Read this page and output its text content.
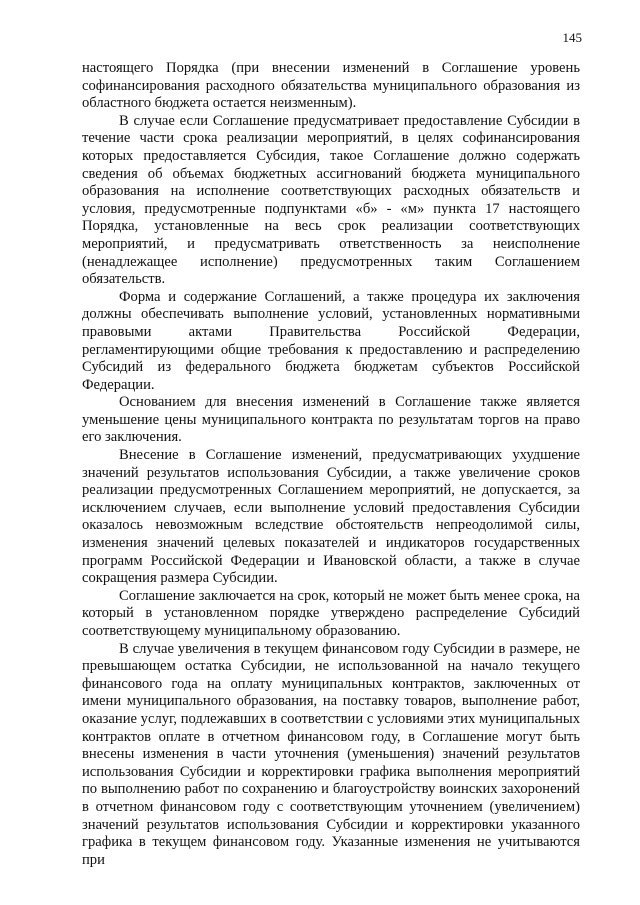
145

настоящего Порядка (при внесении изменений в Соглашение уровень софинансирования расходного обязательства муниципального образования из областного бюджета остается неизменным).

В случае если Соглашение предусматривает предоставление Субсидии в течение части срока реализации мероприятий, в целях софинансирования которых предоставляется Субсидия, такое Соглашение должно содержать сведения об объемах бюджетных ассигнований бюджета муниципального образования на исполнение соответствующих расходных обязательств и условия, предусмотренные подпунктами «б» - «м» пункта 17 настоящего Порядка, установленные на весь срок реализации соответствующих мероприятий, и предусматривать ответственность за неисполнение (ненадлежащее исполнение) предусмотренных таким Соглашением обязательств.

Форма и содержание Соглашений, а также процедура их заключения должны обеспечивать выполнение условий, установленных нормативными правовыми актами Правительства Российской Федерации, регламентирующими общие требования к предоставлению и распределению Субсидий из федерального бюджета бюджетам субъектов Российской Федерации.

Основанием для внесения изменений в Соглашение также является уменьшение цены муниципального контракта по результатам торгов на право его заключения.

Внесение в Соглашение изменений, предусматривающих ухудшение значений результатов использования Субсидии, а также увеличение сроков реализации предусмотренных Соглашением мероприятий, не допускается, за исключением случаев, если выполнение условий предоставления Субсидии оказалось невозможным вследствие обстоятельств непреодолимой силы, изменения значений целевых показателей и индикаторов государственных программ Российской Федерации и Ивановской области, а также в случае сокращения размера Субсидии.

Соглашение заключается на срок, который не может быть менее срока, на который в установленном порядке утверждено распределение Субсидий соответствующему муниципальному образованию.

В случае увеличения в текущем финансовом году Субсидии в размере, не превышающем остатка Субсидии, не использованной на начало текущего финансового года на оплату муниципальных контрактов, заключенных от имени муниципального образования, на поставку товаров, выполнение работ, оказание услуг, подлежавших в соответствии с условиями этих муниципальных контрактов оплате в отчетном финансовом году, в Соглашение могут быть внесены изменения в части уточнения (уменьшения) значений результатов использования Субсидии и корректировки графика выполнения мероприятий по выполнению работ по сохранению и благоустройству воинских захоронений в отчетном финансовом году с соответствующим уточнением (увеличением) значений результатов использования Субсидии и корректировки указанного графика в текущем финансовом году. Указанные изменения не учитываются при
